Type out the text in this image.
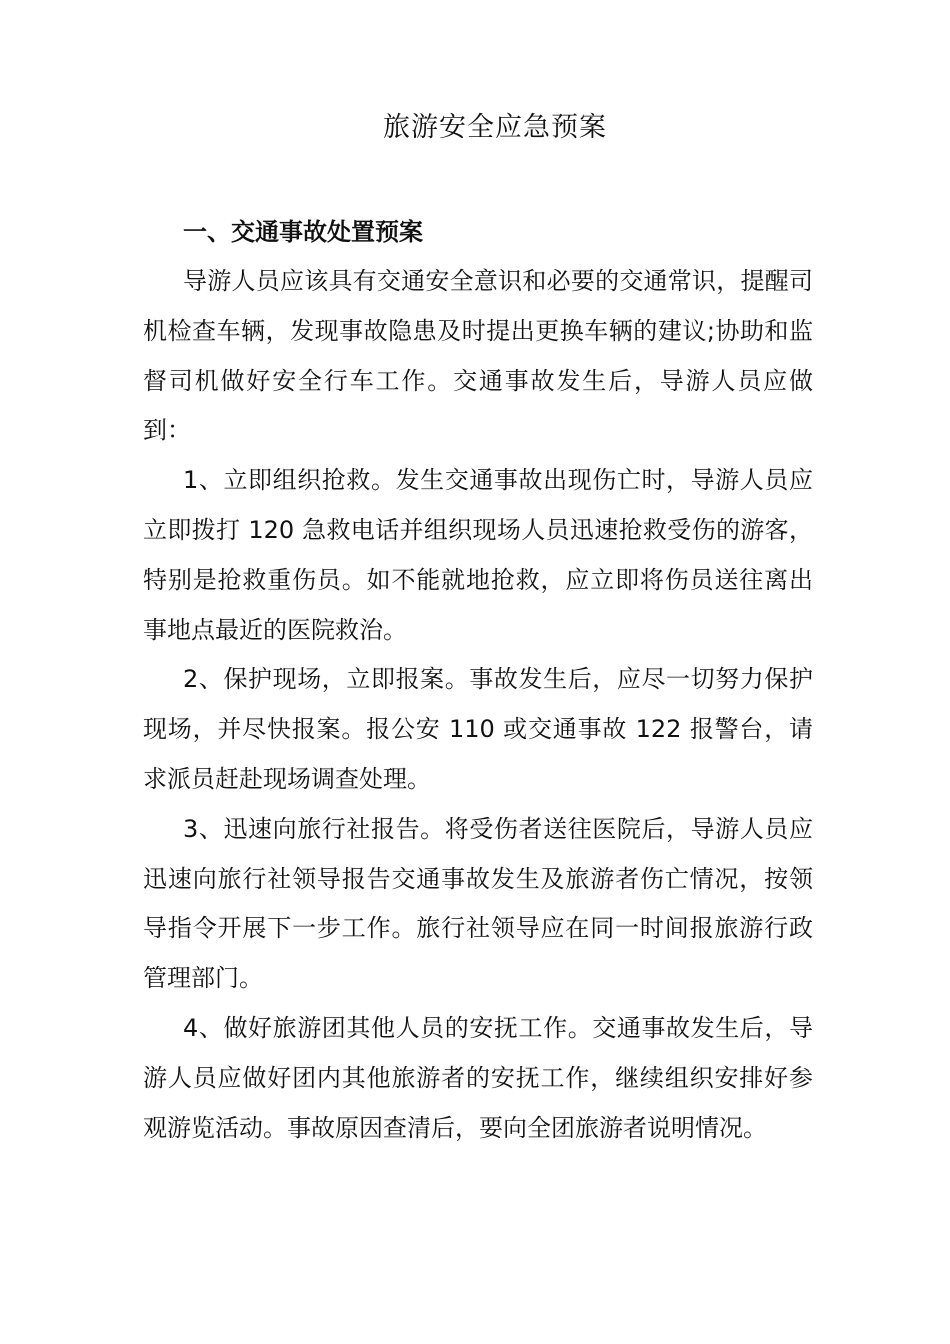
旅游安全应急预案
一、交通事故处置预案

导游人员应该具有交通安全意识和必要的交通常识，提醒司机检查车辆，发现事故隐患及时提出更换车辆的建议;协助和监督司机做好安全行车工作。交通事故发生后，导游人员应做到：

1、立即组织抢救。发生交通事故出现伤亡时，导游人员应立即拨打 120 急救电话并组织现场人员迅速抢救受伤的游客，特别是抢救重伤员。如不能就地抢救，应立即将伤员送往离出事地点最近的医院救治。

2、保护现场，立即报案。事故发生后，应尽一切努力保护现场，并尽快报案。报公安 110 或交通事故 122 报警台，请求派员赶赴现场调查处理。

3、迅速向旅行社报告。将受伤者送往医院后，导游人员应迅速向旅行社领导报告交通事故发生及旅游者伤亡情况，按领导指令开展下一步工作。旅行社领导应在同一时间报旅游行政管理部门。

4、做好旅游团其他人员的安抚工作。交通事故发生后，导游人员应做好团内其他旅游者的安抚工作，继续组织安排好参观游览活动。事故原因查清后，要向全团旅游者说明情况。
